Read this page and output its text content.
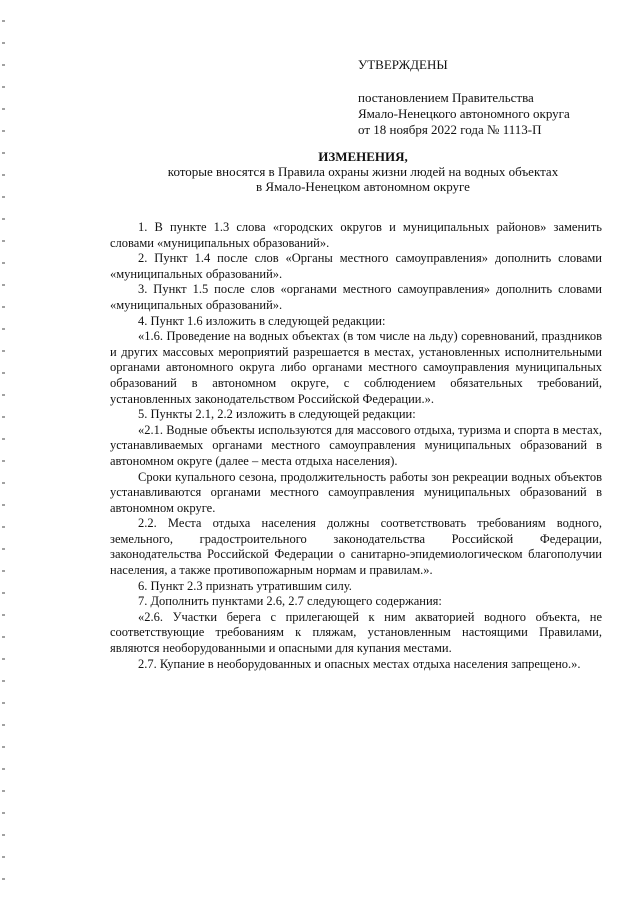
УТВЕРЖДЕНЫ
постановлением Правительства
Ямало-Ненецкого автономного округа
от 18 ноября 2022 года № 1113-П
ИЗМЕНЕНИЯ,
которые вносятся в Правила охраны жизни людей на водных объектах
в Ямало-Ненецком автономном округе

1. В пункте 1.3 слова «городских округов и муниципальных районов» заменить словами «муниципальных образований».

2. Пункт 1.4 после слов «Органы местного самоуправления» дополнить словами «муниципальных образований».

3. Пункт 1.5 после слов «органами местного самоуправления» дополнить словами «муниципальных образований».

4. Пункт 1.6 изложить в следующей редакции:

«1.6. Проведение на водных объектах (в том числе на льду) соревнований, праздников и других массовых мероприятий разрешается в местах, установленных исполнительными органами автономного округа либо органами местного самоуправления муниципальных образований в автономном округе, с соблюдением обязательных требований, установленных законодательством Российской Федерации.».

5. Пункты 2.1, 2.2 изложить в следующей редакции:

«2.1. Водные объекты используются для массового отдыха, туризма и спорта в местах, устанавливаемых органами местного самоуправления муниципальных образований в автономном округе (далее – места отдыха населения).

Сроки купального сезона, продолжительность работы зон рекреации водных объектов устанавливаются органами местного самоуправления муниципальных образований в автономном округе.

2.2. Места отдыха населения должны соответствовать требованиям водного, земельного, градостроительного законодательства Российской Федерации, законодательства Российской Федерации о санитарно-эпидемиологическом благополучии населения, а также противопожарным нормам и правилам.».

6. Пункт 2.3 признать утратившим силу.

7. Дополнить пунктами 2.6, 2.7 следующего содержания:

«2.6. Участки берега с прилегающей к ним акваторией водного объекта, не соответствующие требованиям к пляжам, установленным настоящими Правилами, являются необорудованными и опасными для купания местами.

2.7. Купание в необорудованных и опасных местах отдыха населения запрещено.».
